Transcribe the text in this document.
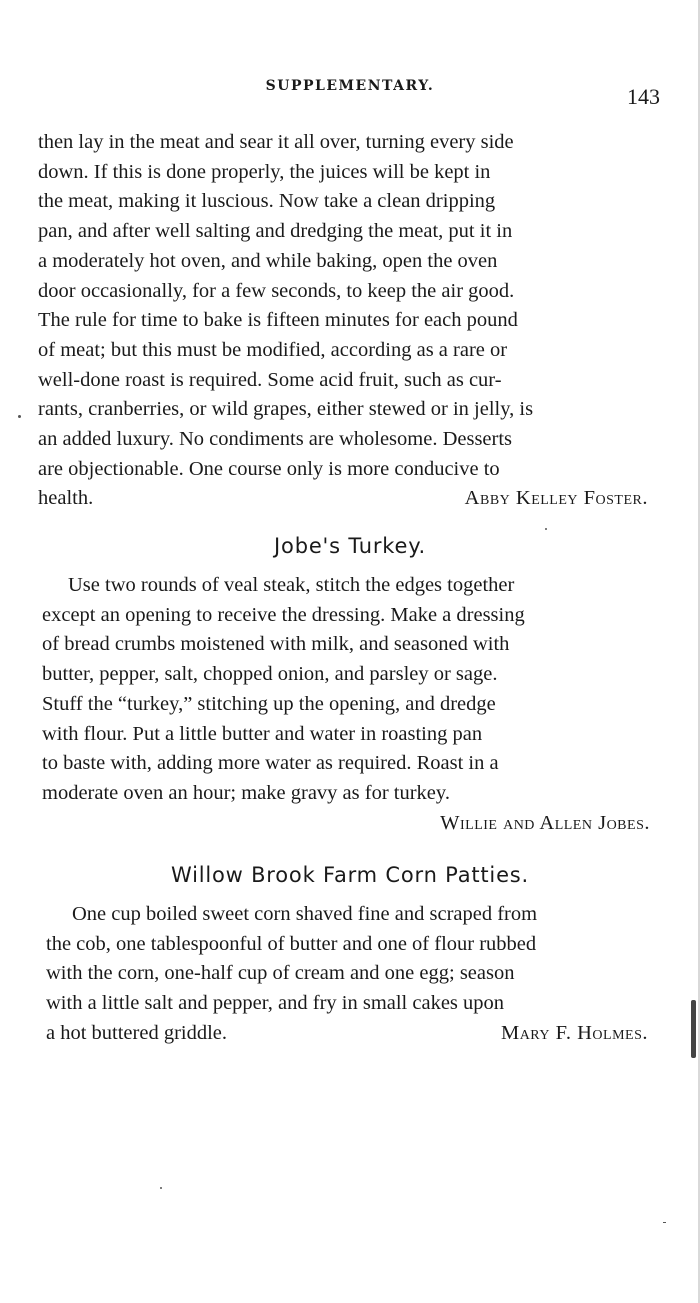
SUPPLEMENTARY.	143
then lay in the meat and sear it all over, turning every side
down. If this is done properly, the juices will be kept in
the meat, making it luscious. Now take a clean dripping
pan, and after well salting and dredging the meat, put it in
a moderately hot oven, and while baking, open the oven
door occasionally, for a few seconds, to keep the air good.
The rule for time to bake is fifteen minutes for each pound
of meat; but this must be modified, according as a rare or
well-done roast is required. Some acid fruit, such as cur-
rants, cranberries, or wild grapes, either stewed or in jelly, is
an added luxury. No condiments are wholesome. Desserts
are objectionable. One course only is more conducive to
health.	Abby Kelley Foster.
Jobe's Turkey.
Use two rounds of veal steak, stitch the edges together
except an opening to receive the dressing. Make a dressing
of bread crumbs moistened with milk, and seasoned with
butter, pepper, salt, chopped onion, and parsley or sage.
Stuff the “turkey,” stitching up the opening, and dredge
with flour. Put a little butter and water in roasting pan
to baste with, adding more water as required. Roast in a
moderate oven an hour; make gravy as for turkey.
Willie and Allen Jobes.
Willow Brook Farm Corn Patties.
One cup boiled sweet corn shaved fine and scraped from
the cob, one tablespoonful of butter and one of flour rubbed
with the corn, one-half cup of cream and one egg; season
with a little salt and pepper, and fry in small cakes upon
a hot buttered griddle.	Mary F. Holmes.
